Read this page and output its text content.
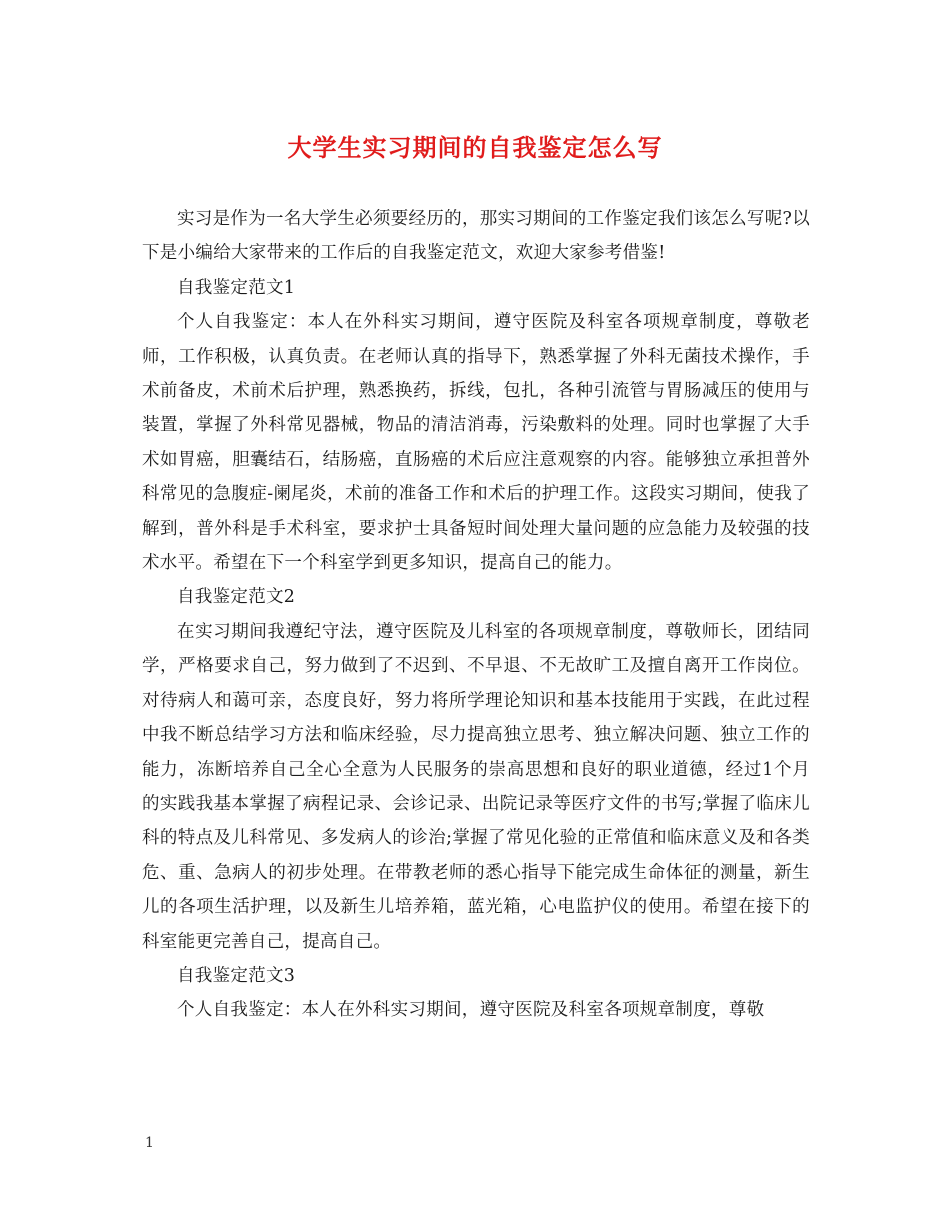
大学生实习期间的自我鉴定怎么写

实习是作为一名大学生必须要经历的，那实习期间的工作鉴定我们该怎么写呢?以下是小编给大家带来的工作后的自我鉴定范文，欢迎大家参考借鉴!

自我鉴定范文1

个人自我鉴定：本人在外科实习期间，遵守医院及科室各项规章制度，尊敬老师，工作积极，认真负责。在老师认真的指导下，熟悉掌握了外科无菌技术操作，手术前备皮，术前术后护理，熟悉换药，拆线，包扎，各种引流管与胃肠减压的使用与装置，掌握了外科常见器械，物品的清洁消毒，污染敷料的处理。同时也掌握了大手术如胃癌，胆囊结石，结肠癌，直肠癌的术后应注意观察的内容。能够独立承担普外科常见的急腹症-阑尾炎，术前的准备工作和术后的护理工作。这段实习期间，使我了解到，普外科是手术科室，要求护士具备短时间处理大量问题的应急能力及较强的技术水平。希望在下一个科室学到更多知识，提高自己的能力。

自我鉴定范文2

在实习期间我遵纪守法，遵守医院及儿科室的各项规章制度，尊敬师长，团结同学，严格要求自己，努力做到了不迟到、不早退、不无故旷工及擅自离开工作岗位。对待病人和蔼可亲，态度良好，努力将所学理论知识和基本技能用于实践，在此过程中我不断总结学习方法和临床经验，尽力提高独立思考、独立解决问题、独立工作的能力，冻断培养自己全心全意为人民服务的崇高思想和良好的职业道德，经过1个月的实践我基本掌握了病程记录、会诊记录、出院记录等医疗文件的书写;掌握了临床儿科的特点及儿科常见、多发病人的诊治;掌握了常见化验的正常值和临床意义及和各类危、重、急病人的初步处理。在带教老师的悉心指导下能完成生命体征的测量，新生儿的各项生活护理，以及新生儿培养箱，蓝光箱，心电监护仪的使用。希望在接下的科室能更完善自己，提高自己。

自我鉴定范文3

个人自我鉴定：本人在外科实习期间，遵守医院及科室各项规章制度，尊敬

1
